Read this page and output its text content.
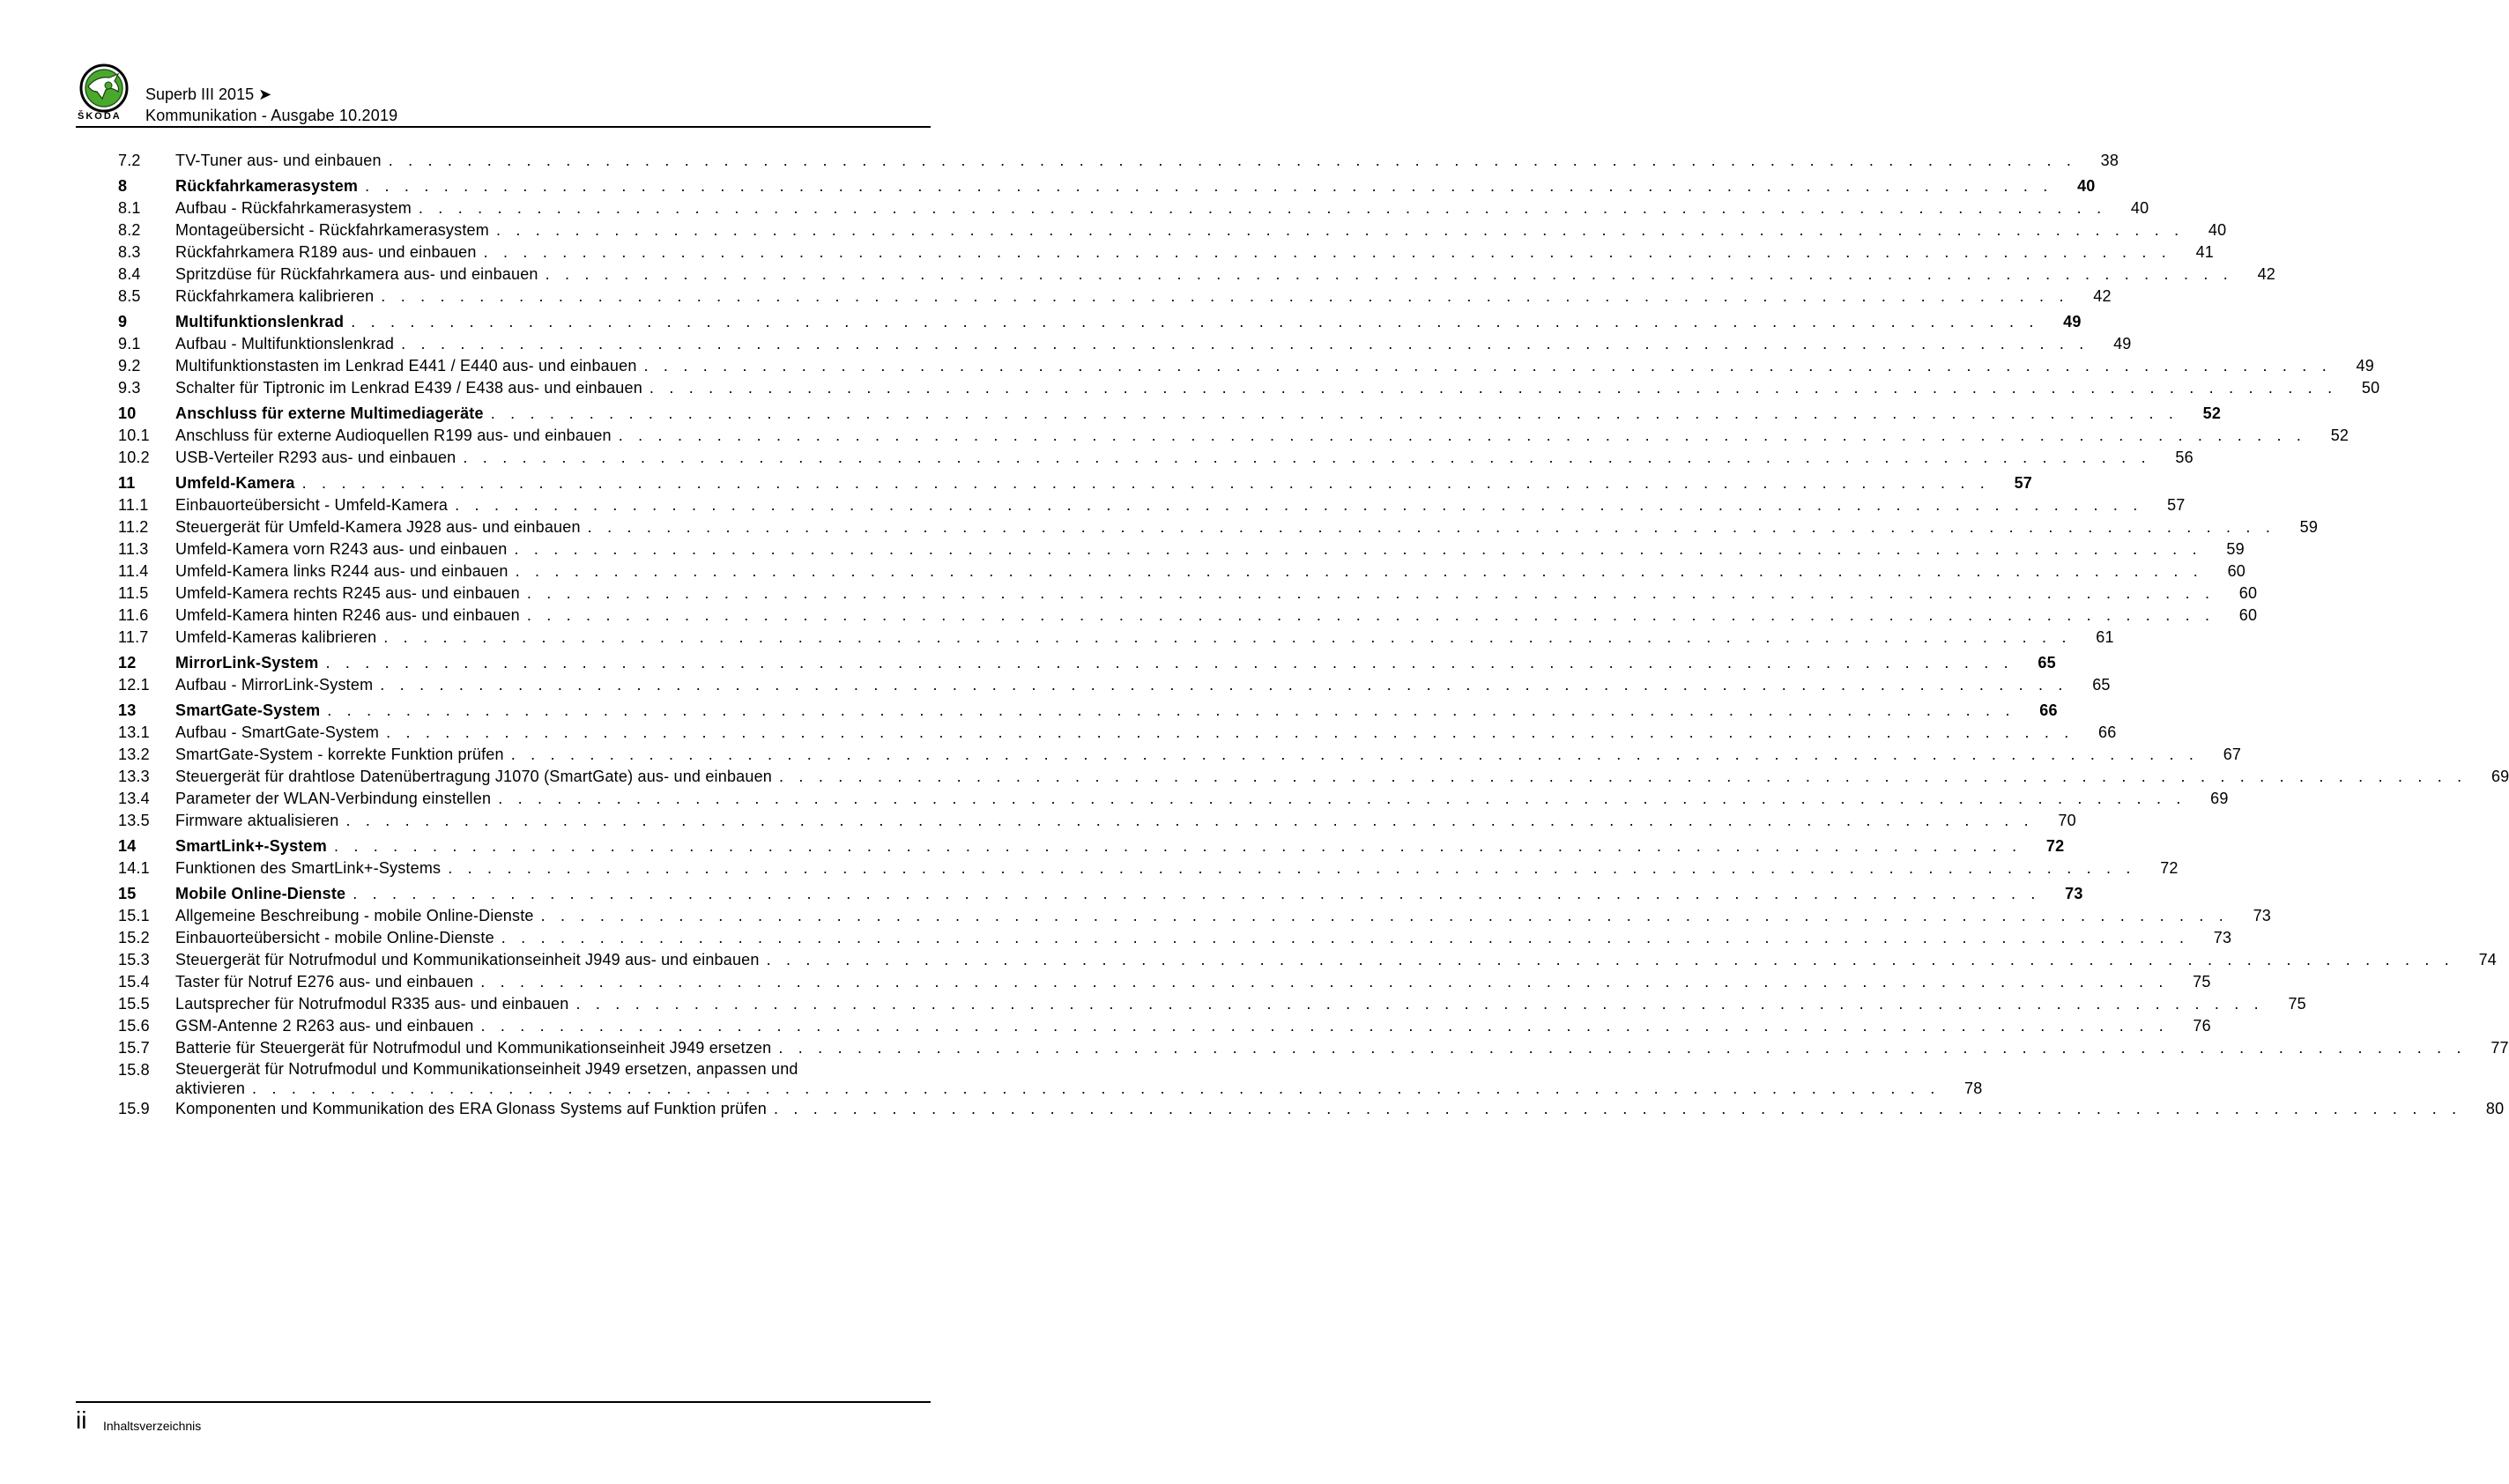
ŠKODA
Superb III 2015 ➤
Kommunikation - Ausgabe 10.2019
7.2	TV-Tuner aus- und einbauen . . . . . . . . . . . . . . . . . . . . . . . . . . . . . . . . . . . . . . . . . . . . . . . . . . . . . . . . . . . . . . . . . . . . . . . . . . . . . . . . . . . . . .	38
8	Rückfahrkamerasystem . . . . . . . . . . . . . . . . . . . . . . . . . . . . . . . . . . . . . . . . . . . . . . . . . . . . . . . . . . . . . . . . . . . . . . . . . . . . . . . . . . . . . .	40
8.1	Aufbau - Rückfahrkamerasystem . . . . . . . . . . . . . . . . . . . . . . . . . . . . . . . . . . . . . . . . . . . . . . . . . . . . . . . . . . . . . . . . . . . . . . . . . . . . . . . . . . . . . .	40
8.2	Montageübersicht - Rückfahrkamerasystem . . . . . . . . . . . . . . . . . . . . . . . . . . . . . . . . . . . . . . . . . . . . . . . . . . . . . . . . . . . . . . . . . . . . . . . . . . . . . . . . . . . . . .	40
8.3	Rückfahrkamera R189 aus- und einbauen . . . . . . . . . . . . . . . . . . . . . . . . . . . . . . . . . . . . . . . . . . . . . . . . . . . . . . . . . . . . . . . . . . . . . . . . . . . . . . . . . . . . . .	41
8.4	Spritzdüse für Rückfahrkamera aus- und einbauen . . . . . . . . . . . . . . . . . . . . . . . . . . . . . . . . . . . . . . . . . . . . . . . . . . . . . . . . . . . . . . . . . . . . . . . . . . . . . . . . . . . . . .	42
8.5	Rückfahrkamera kalibrieren . . . . . . . . . . . . . . . . . . . . . . . . . . . . . . . . . . . . . . . . . . . . . . . . . . . . . . . . . . . . . . . . . . . . . . . . . . . . . . . . . . . . . .	42
9	Multifunktionslenkrad . . . . . . . . . . . . . . . . . . . . . . . . . . . . . . . . . . . . . . . . . . . . . . . . . . . . . . . . . . . . . . . . . . . . . . . . . . . . . . . . . . . . . .	49
9.1	Aufbau - Multifunktionslenkrad . . . . . . . . . . . . . . . . . . . . . . . . . . . . . . . . . . . . . . . . . . . . . . . . . . . . . . . . . . . . . . . . . . . . . . . . . . . . . . . . . . . . . .	49
9.2	Multifunktionstasten im Lenkrad E441 / E440 aus- und einbauen . . . . . . . . . . . . . . . . . . . . . . . . . . . . . . . . . . . . . . . . . . . . . . . . . . . . . . . . . . . . . . . . . . . . . . . . . . . . . . . . . . . . . .	49
9.3	Schalter für Tiptronic im Lenkrad E439 / E438 aus- und einbauen . . . . . . . . . . . . . . . . . . . . . . . . . . . . . . . . . . . . . . . . . . . . . . . . . . . . . . . . . . . . . . . . . . . . . . . . . . . . . . . . . . . . . .	50
10	Anschluss für externe Multimediageräte . . . . . . . . . . . . . . . . . . . . . . . . . . . . . . . . . . . . . . . . . . . . . . . . . . . . . . . . . . . . . . . . . . . . . . . . . . . . . . . . . . . . . .	52
10.1	Anschluss für externe Audioquellen R199 aus- und einbauen . . . . . . . . . . . . . . . . . . . . . . . . . . . . . . . . . . . . . . . . . . . . . . . . . . . . . . . . . . . . . . . . . . . . . . . . . . . . . . . . . . . . . .	52
10.2	USB-Verteiler R293 aus- und einbauen . . . . . . . . . . . . . . . . . . . . . . . . . . . . . . . . . . . . . . . . . . . . . . . . . . . . . . . . . . . . . . . . . . . . . . . . . . . . . . . . . . . . . .	56
11	Umfeld-Kamera . . . . . . . . . . . . . . . . . . . . . . . . . . . . . . . . . . . . . . . . . . . . . . . . . . . . . . . . . . . . . . . . . . . . . . . . . . . . . . . . . . . . . .	57
11.1	Einbauorteübersicht - Umfeld-Kamera . . . . . . . . . . . . . . . . . . . . . . . . . . . . . . . . . . . . . . . . . . . . . . . . . . . . . . . . . . . . . . . . . . . . . . . . . . . . . . . . . . . . . .	57
11.2	Steuergerät für Umfeld-Kamera J928 aus- und einbauen . . . . . . . . . . . . . . . . . . . . . . . . . . . . . . . . . . . . . . . . . . . . . . . . . . . . . . . . . . . . . . . . . . . . . . . . . . . . . . . . . . . . . .	59
11.3	Umfeld-Kamera vorn R243 aus- und einbauen . . . . . . . . . . . . . . . . . . . . . . . . . . . . . . . . . . . . . . . . . . . . . . . . . . . . . . . . . . . . . . . . . . . . . . . . . . . . . . . . . . . . . .	59
11.4	Umfeld-Kamera links R244 aus- und einbauen . . . . . . . . . . . . . . . . . . . . . . . . . . . . . . . . . . . . . . . . . . . . . . . . . . . . . . . . . . . . . . . . . . . . . . . . . . . . . . . . . . . . . .	60
11.5	Umfeld-Kamera rechts R245 aus- und einbauen . . . . . . . . . . . . . . . . . . . . . . . . . . . . . . . . . . . . . . . . . . . . . . . . . . . . . . . . . . . . . . . . . . . . . . . . . . . . . . . . . . . . . .	60
11.6	Umfeld-Kamera hinten R246 aus- und einbauen . . . . . . . . . . . . . . . . . . . . . . . . . . . . . . . . . . . . . . . . . . . . . . . . . . . . . . . . . . . . . . . . . . . . . . . . . . . . . . . . . . . . . .	60
11.7	Umfeld-Kameras kalibrieren . . . . . . . . . . . . . . . . . . . . . . . . . . . . . . . . . . . . . . . . . . . . . . . . . . . . . . . . . . . . . . . . . . . . . . . . . . . . . . . . . . . . . .	61
12	MirrorLink-System . . . . . . . . . . . . . . . . . . . . . . . . . . . . . . . . . . . . . . . . . . . . . . . . . . . . . . . . . . . . . . . . . . . . . . . . . . . . . . . . . . . . . .	65
12.1	Aufbau - MirrorLink-System . . . . . . . . . . . . . . . . . . . . . . . . . . . . . . . . . . . . . . . . . . . . . . . . . . . . . . . . . . . . . . . . . . . . . . . . . . . . . . . . . . . . . .	65
13	SmartGate-System . . . . . . . . . . . . . . . . . . . . . . . . . . . . . . . . . . . . . . . . . . . . . . . . . . . . . . . . . . . . . . . . . . . . . . . . . . . . . . . . . . . . . .	66
13.1	Aufbau - SmartGate-System . . . . . . . . . . . . . . . . . . . . . . . . . . . . . . . . . . . . . . . . . . . . . . . . . . . . . . . . . . . . . . . . . . . . . . . . . . . . . . . . . . . . . .	66
13.2	SmartGate-System - korrekte Funktion prüfen . . . . . . . . . . . . . . . . . . . . . . . . . . . . . . . . . . . . . . . . . . . . . . . . . . . . . . . . . . . . . . . . . . . . . . . . . . . . . . . . . . . . . .	67
13.3	Steuergerät für drahtlose Datenübertragung J1070 (SmartGate) aus- und einbauen . . . . . . . . . . . . . . . . . . . . . . . . . . . . . . . . . . . . . . . . . . . . . . . . . . . . . . . . . . . . . . . . . . . . . . . . . . . . . . . . . . . . . .	69
13.4	Parameter der WLAN-Verbindung einstellen . . . . . . . . . . . . . . . . . . . . . . . . . . . . . . . . . . . . . . . . . . . . . . . . . . . . . . . . . . . . . . . . . . . . . . . . . . . . . . . . . . . . . .	69
13.5	Firmware aktualisieren . . . . . . . . . . . . . . . . . . . . . . . . . . . . . . . . . . . . . . . . . . . . . . . . . . . . . . . . . . . . . . . . . . . . . . . . . . . . . . . . . . . . . .	70
14	SmartLink+-System . . . . . . . . . . . . . . . . . . . . . . . . . . . . . . . . . . . . . . . . . . . . . . . . . . . . . . . . . . . . . . . . . . . . . . . . . . . . . . . . . . . . . .	72
14.1	Funktionen des SmartLink+-Systems . . . . . . . . . . . . . . . . . . . . . . . . . . . . . . . . . . . . . . . . . . . . . . . . . . . . . . . . . . . . . . . . . . . . . . . . . . . . . . . . . . . . . .	72
15	Mobile Online-Dienste . . . . . . . . . . . . . . . . . . . . . . . . . . . . . . . . . . . . . . . . . . . . . . . . . . . . . . . . . . . . . . . . . . . . . . . . . . . . . . . . . . . . . .	73
15.1	Allgemeine Beschreibung - mobile Online-Dienste . . . . . . . . . . . . . . . . . . . . . . . . . . . . . . . . . . . . . . . . . . . . . . . . . . . . . . . . . . . . . . . . . . . . . . . . . . . . . . . . . . . . . .	73
15.2	Einbauorteübersicht - mobile Online-Dienste . . . . . . . . . . . . . . . . . . . . . . . . . . . . . . . . . . . . . . . . . . . . . . . . . . . . . . . . . . . . . . . . . . . . . . . . . . . . . . . . . . . . . .	73
15.3	Steuergerät für Notrufmodul und Kommunikationseinheit J949 aus- und einbauen . . . . . . . . . . . . . . . . . . . . . . . . . . . . . . . . . . . . . . . . . . . . . . . . . . . . . . . . . . . . . . . . . . . . . . . . . . . . . . . . . . . . . .	74
15.4	Taster für Notruf E276 aus- und einbauen . . . . . . . . . . . . . . . . . . . . . . . . . . . . . . . . . . . . . . . . . . . . . . . . . . . . . . . . . . . . . . . . . . . . . . . . . . . . . . . . . . . . . .	75
15.5	Lautsprecher für Notrufmodul R335 aus- und einbauen . . . . . . . . . . . . . . . . . . . . . . . . . . . . . . . . . . . . . . . . . . . . . . . . . . . . . . . . . . . . . . . . . . . . . . . . . . . . . . . . . . . . . .	75
15.6	GSM-Antenne 2 R263 aus- und einbauen . . . . . . . . . . . . . . . . . . . . . . . . . . . . . . . . . . . . . . . . . . . . . . . . . . . . . . . . . . . . . . . . . . . . . . . . . . . . . . . . . . . . . .	76
15.7	Batterie für Steuergerät für Notrufmodul und Kommunikationseinheit J949 ersetzen . . . . . . . . . . . . . . . . . . . . . . . . . . . . . . . . . . . . . . . . . . . . . . . . . . . . . . . . . . . . . . . . . . . . . . . . . . . . . . . . . . . . . .	77
15.8	Steuergerät für Notrufmodul und Kommunikationseinheit J949 ersetzen, anpassen und
aktivieren . . . . . . . . . . . . . . . . . . . . . . . . . . . . . . . . . . . . . . . . . . . . . . . . . . . . . . . . . . . . . . . . . . . . . . . . . . . . . . . . . . . . . .	78
15.9	Komponenten und Kommunikation des ERA Glonass Systems auf Funktion prüfen . . . . . . . . . . . . . . . . . . . . . . . . . . . . . . . . . . . . . . . . . . . . . . . . . . . . . . . . . . . . . . . . . . . . . . . . . . . . . . . . . . . . . .	80
ii Inhaltsverzeichnis
